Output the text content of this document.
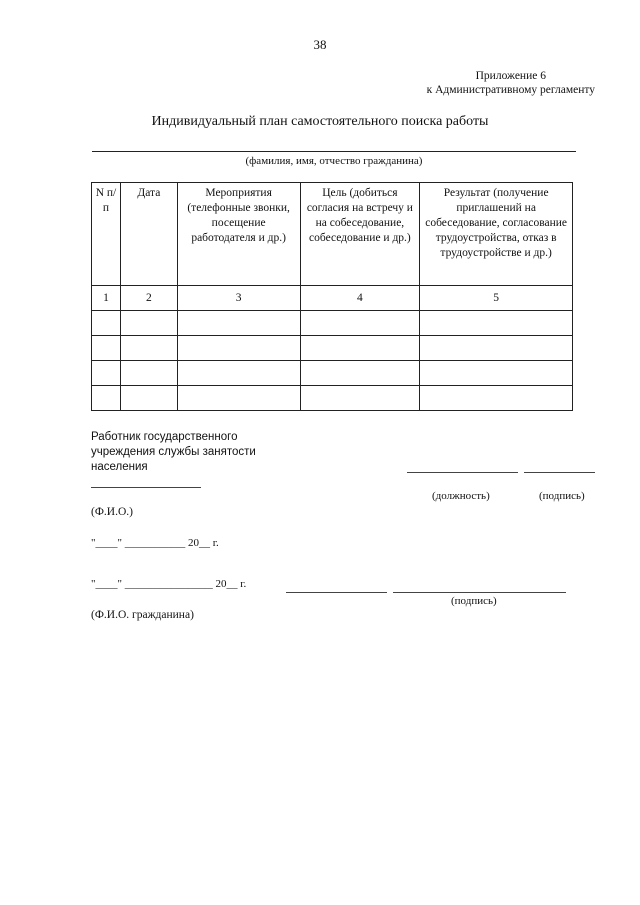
38
Приложение 6
к Административному регламенту
Индивидуальный план самостоятельного поиска работы
(фамилия, имя, отчество гражданина)
N п/п	Дата	Мероприятия (телефонные звонки, посещение работодателя и др.)	Цель (добиться согласия на встречу и на собеседование, собеседование и др.)	Результат (получение приглашений на собеседование, согласование трудоустройства, отказ в трудоустройстве и др.)
1	2	3	4	5

Работник государственного учреждения службы занятости населения
(должность)	(подпись)
(Ф.И.О.)
"____" ___________ 20__ г.
"____" ________________ 20__ г.
(подпись)
(Ф.И.О. гражданина)
